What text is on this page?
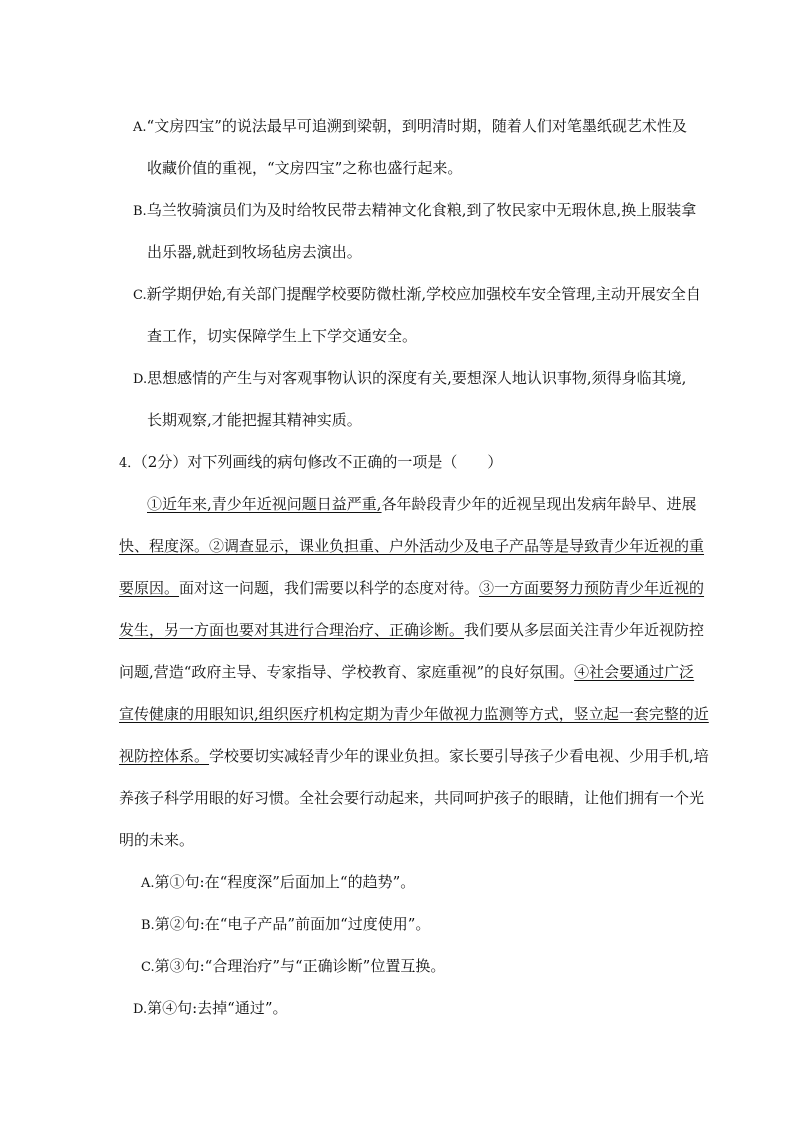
A.“文房四宝”的说法最早可追溯到梁朝，到明清时期，随着人们对笔墨纸砚艺术性及
收藏价值的重视，“文房四宝”之称也盛行起来。
B.乌兰牧骑演员们为及时给牧民带去精神文化食粮,到了牧民家中无瑕休息,换上服装拿
出乐器,就赶到牧场毡房去演出。
C.新学期伊始,有关部门提醒学校要防微杜渐,学校应加强校车安全管理,主动开展安全自
查工作，切实保障学生上下学交通安全。
D.思想感情的产生与对客观事物认识的深度有关,要想深人地认识事物,须得身临其境,
长期观察,才能把握其精神实质。
4．（2分）对下列画线的病句修改不正确的一项是（　　）
①近年来,青少年近视问题日益严重,各年龄段青少年的近视呈现出发病年龄早、进展
快、程度深。②调查显示，课业负担重、户外活动少及电子产品等是导致青少年近视的重
要原因。面对这一问题，我们需要以科学的态度对待。③一方面要努力预防青少年近视的
发生，另一方面也要对其进行合理治疗、正确诊断。我们要从多层面关注青少年近视防控
问题,营造“政府主导、专家指导、学校教育、家庭重视”的良好氛围。④社会要通过广泛
宣传健康的用眼知识,组织医疗机构定期为青少年做视力监测等方式，竖立起一套完整的近
视防控体系。学校要切实减轻青少年的课业负担。家长要引导孩子少看电视、少用手机,培
养孩子科学用眼的好习惯。全社会要行动起来，共同呵护孩子的眼睛，让他们拥有一个光
明的未来。
A.第①句:在“程度深”后面加上“的趋势”。
B.第②句:在“电子产品”前面加“过度使用”。
C.第③句:“合理治疗”与“正确诊断”位置互换。
D.第④句:去掉“通过”。
